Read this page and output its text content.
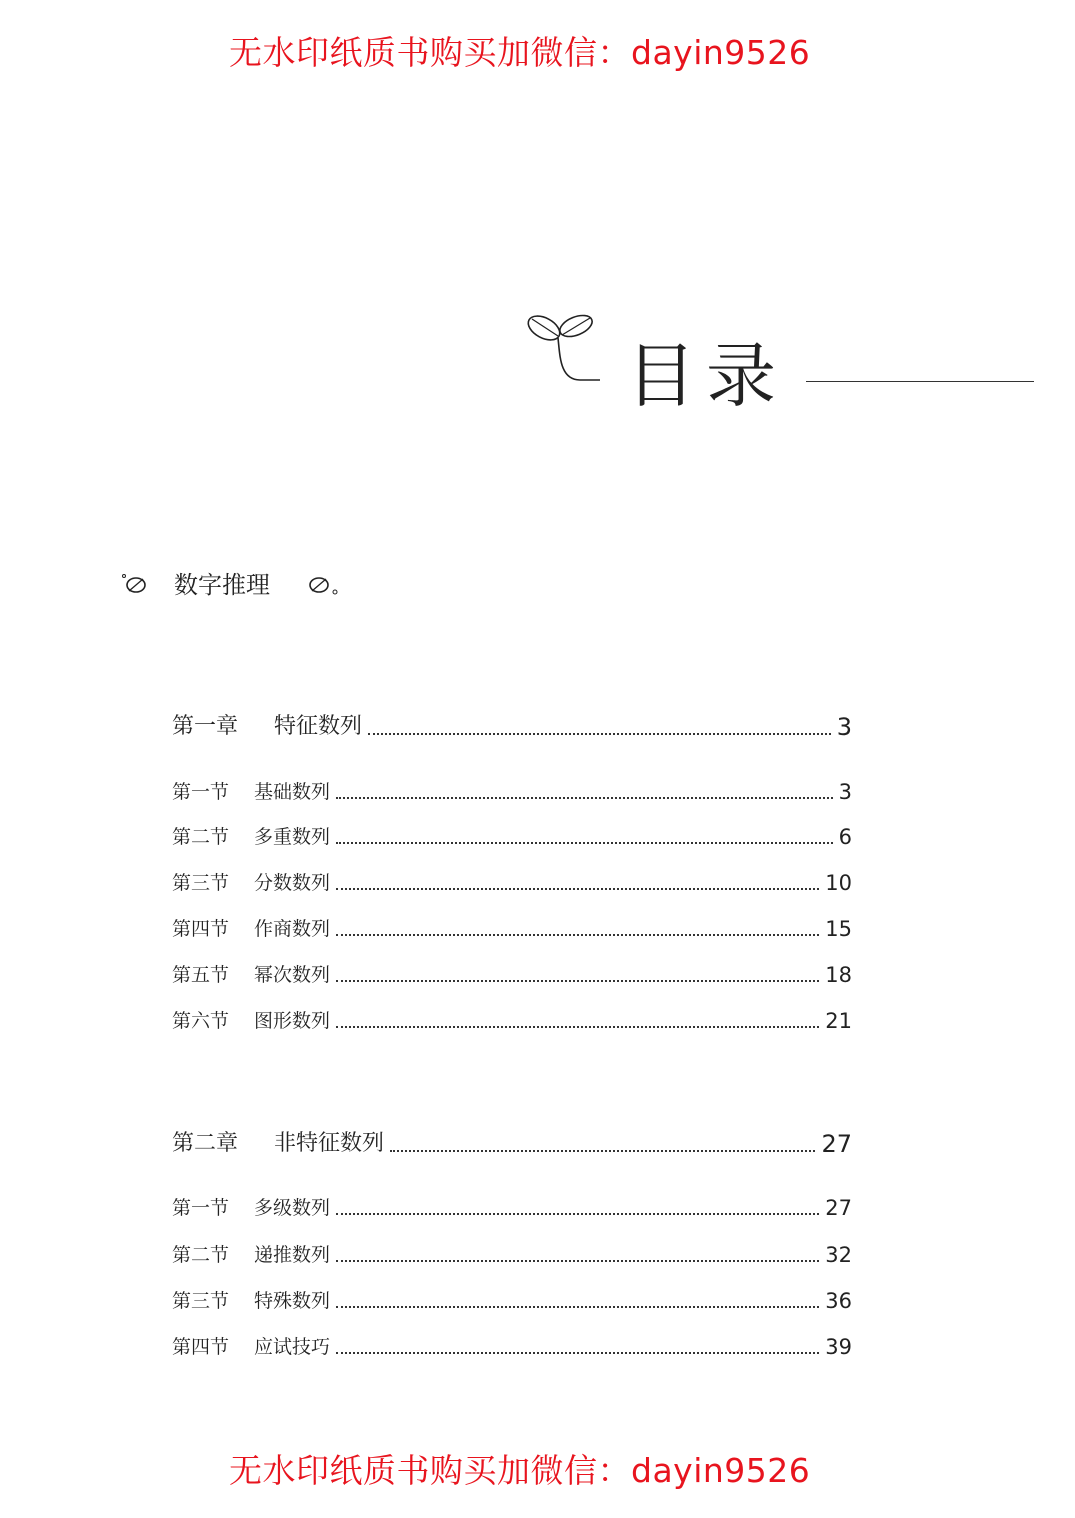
无水印纸质书购买加微信：dayin9526
目录
数字推理
第一章	特征数列	3
第一节	基础数列	3
第二节	多重数列	6
第三节	分数数列	10
第四节	作商数列	15
第五节	幂次数列	18
第六节	图形数列	21
第二章	非特征数列	27
第一节	多级数列	27
第二节	递推数列	32
第三节	特殊数列	36
第四节	应试技巧	39
无水印纸质书购买加微信：dayin9526
